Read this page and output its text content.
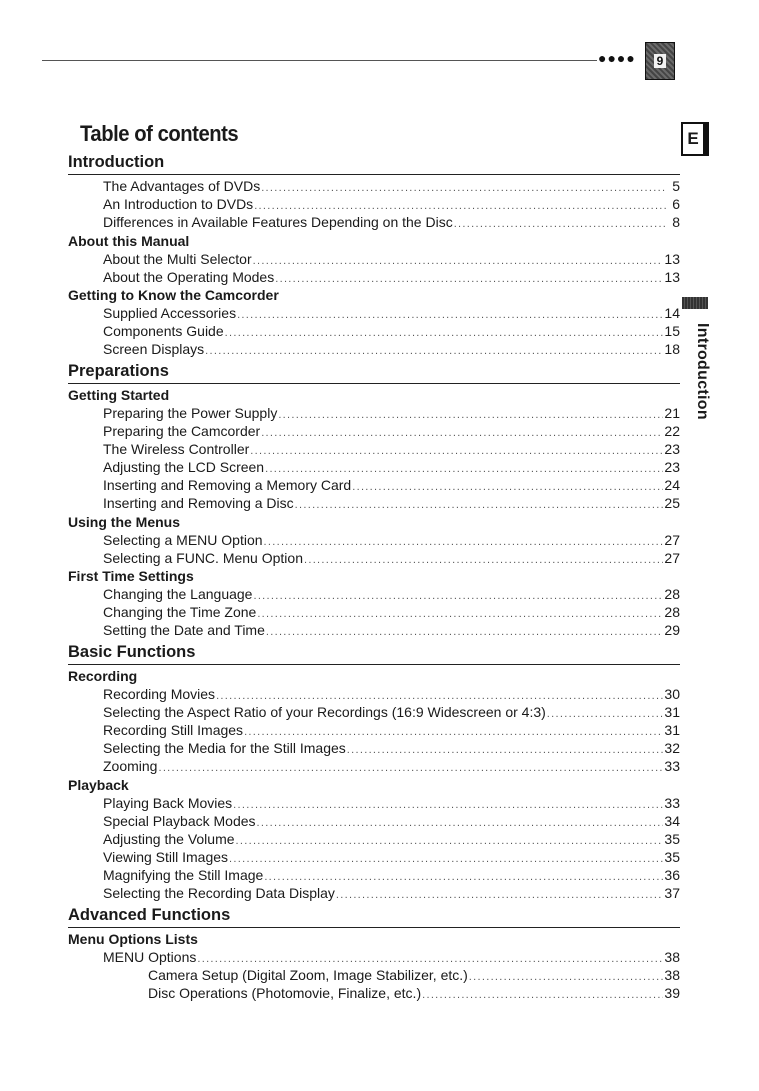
●●●● 9
Table of contents	E
Introduction
Introduction
The Advantages of DVDs .....	5
An Introduction to DVDs .....	6
Differences in Available Features Depending on the Disc .....	8
About this Manual
About the Multi Selector .....	13
About the Operating Modes .....	13
Getting to Know the Camcorder
Supplied Accessories .....	14
Components Guide .....	15
Screen Displays .....	18
Preparations
Getting Started
Preparing the Power Supply .....	21
Preparing the Camcorder .....	22
The Wireless Controller .....	23
Adjusting the LCD Screen .....	23
Inserting and Removing a Memory Card .....	24
Inserting and Removing a Disc .....	25
Using the Menus
Selecting a MENU Option .....	27
Selecting a FUNC. Menu Option .....	27
First Time Settings
Changing the Language .....	28
Changing the Time Zone .....	28
Setting the Date and Time .....	29
Basic Functions
Recording
Recording Movies .....	30
Selecting the Aspect Ratio of your Recordings (16:9 Widescreen or 4:3) .....	31
Recording Still Images .....	31
Selecting the Media for the Still Images .....	32
Zooming .....	33
Playback
Playing Back Movies .....	33
Special Playback Modes .....	34
Adjusting the Volume .....	35
Viewing Still Images .....	35
Magnifying the Still Image .....	36
Selecting the Recording Data Display .....	37
Advanced Functions
Menu Options Lists
MENU Options .....	38
Camera Setup (Digital Zoom, Image Stabilizer, etc.) .....	38
Disc Operations (Photomovie, Finalize, etc.) .....	39
